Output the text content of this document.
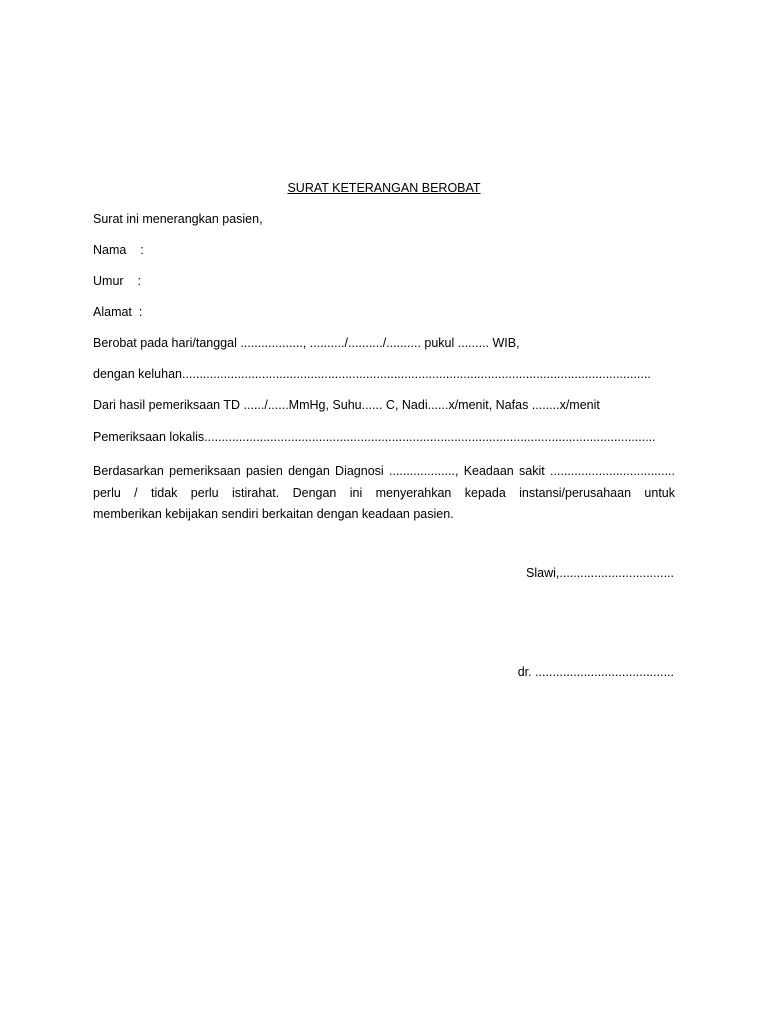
SURAT KETERANGAN BEROBAT
Surat ini menerangkan pasien,
Nama    :
Umur    :
Alamat  :
Berobat pada hari/tanggal .................., ........../........../.......... pukul ......... WIB,
dengan keluhan.......................................................................................................................................
Dari hasil pemeriksaan TD ....../......MmHg, Suhu...... C, Nadi......x/menit, Nafas ........x/menit
Pemeriksaan lokalis..................................................................................................................................
Berdasarkan pemeriksaan pasien dengan Diagnosi ..................., Keadaan sakit ....................................
perlu / tidak perlu istirahat. Dengan ini menyerahkan kepada instansi/perusahaan untuk
memberikan kebijakan sendiri berkaitan dengan keadaan pasien.
Slawi,.................................
dr. ........................................
